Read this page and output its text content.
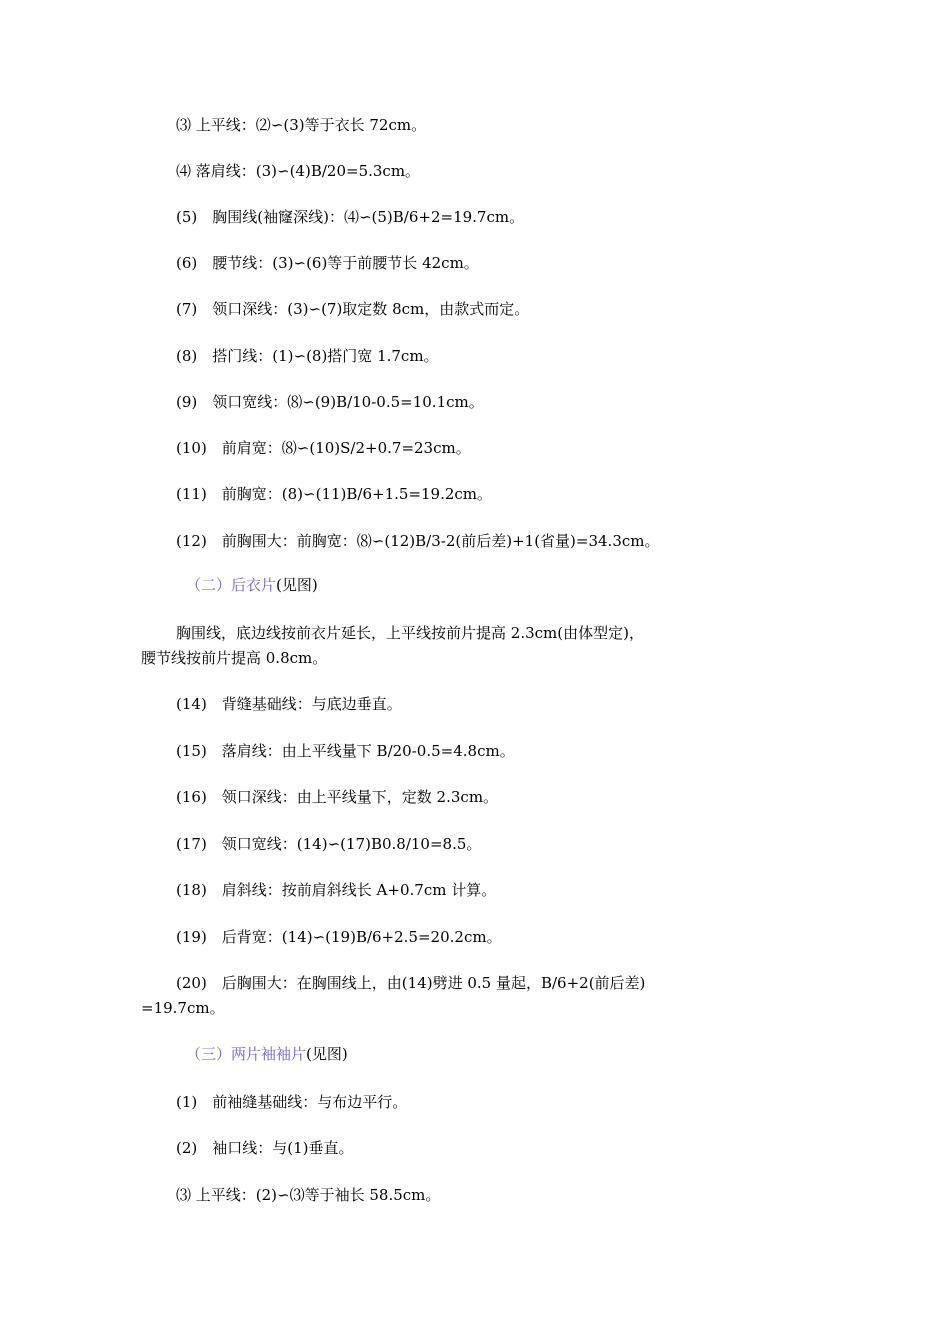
⑶ 上平线：⑵∽(3)等于衣长 72cm。
⑷ 落肩线：(3)∽(4)B/20=5.3cm。
(5)　胸围线(袖窿深线)：⑷∽(5)B/6+2=19.7cm。
(6)　腰节线：(3)∽(6)等于前腰节长 42cm。
(7)　领口深线：(3)∽(7)取定数 8cm，由款式而定。
(8)　搭门线：(1)∽(8)搭门宽 1.7cm。
(9)　领口宽线：⑻∽(9)B/10-0.5=10.1cm。
(10)　前肩宽：⑻∽(10)S/2+0.7=23cm。
(11)　前胸宽：(8)∽(11)B/6+1.5=19.2cm。
(12)　前胸围大：前胸宽：⑻∽(12)B/3-2(前后差)+1(省量)=34.3cm。
（二）后衣片(见图)
胸围线，底边线按前衣片延长，上平线按前片提高 2.3cm(由体型定)，
腰节线按前片提高 0.8cm。
(14)　背缝基础线：与底边垂直。
(15)　落肩线：由上平线量下 B/20-0.5=4.8cm。
(16)　领口深线：由上平线量下，定数 2.3cm。
(17)　领口宽线：(14)∽(17)B0.8/10=8.5。
(18)　肩斜线：按前肩斜线长 A+0.7cm 计算。
(19)　后背宽：(14)∽(19)B/6+2.5=20.2cm。
(20)　后胸围大：在胸围线上，由(14)劈进 0.5 量起，B/6+2(前后差)
=19.7cm。
（三）两片袖袖片(见图)
(1)　前袖缝基础线：与布边平行。
(2)　袖口线：与(1)垂直。
⑶ 上平线：(2)∽⑶等于袖长 58.5cm。
